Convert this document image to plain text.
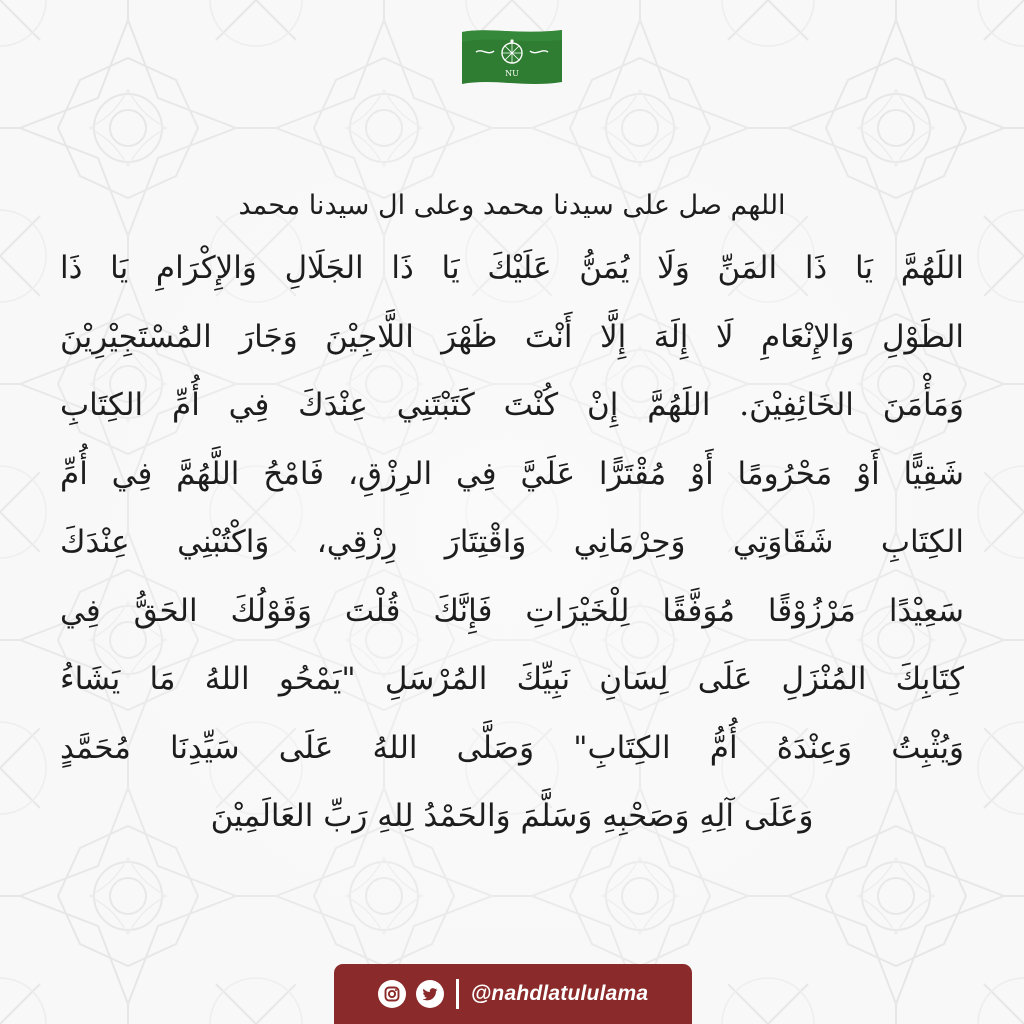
NU

اللهم صل على سيدنا محمد وعلى ال سيدنا محمد

اللَهُمَّ يَا ذَا المَنِّ وَلَا يُمَنُّ عَلَيْكَ يَا ذَا الجَلَالِ وَالإِكْرَامِ يَا ذَا
الطَوْلِ وَالإِنْعَامِ لَا إِلَهَ إِلَّا أَنْتَ ظَهْرَ اللَّاجِيْنَ وَجَارَ المُسْتَجِيْرِيْنَ
وَمَأْمَنَ الخَائِفِيْنَ. اللَهُمَّ إِنْ كُنْتَ كَتَبْتَنِي عِنْدَكَ فِي أُمِّ الكِتَابِ
شَقِيًّا أَوْ مَحْرُومًا أَوْ مُقْتَرًّا عَلَيَّ فِي الرِزْقِ، فَامْحُ اللَّهُمَّ فِي أُمِّ
الكِتَابِ شَقَاوَتِي وَحِرْمَانِي وَاقْتِتَارَ رِزْقِي، وَاكْتُبْنِي عِنْدَكَ
سَعِيْدًا مَرْزُوْقًا مُوَفَّقًا لِلْخَيْرَاتِ فَإِنَّكَ قُلْتَ وَقَوْلُكَ الحَقُّ فِي
كِتَابِكَ المُنْزَلِ عَلَى لِسَانِ نَبِيِّكَ المُرْسَلِ "يَمْحُو اللهُ مَا يَشَاءُ
وَيُثْبِتُ وَعِنْدَهُ أُمُّ الكِتَابِ" وَصَلَّى اللهُ عَلَى سَيِّدِنَا مُحَمَّدٍ
وَعَلَى آلِهِ وَصَحْبِهِ وَسَلَّمَ وَالحَمْدُ لِلهِ رَبِّ العَالَمِيْنَ
@nahdlatululama
